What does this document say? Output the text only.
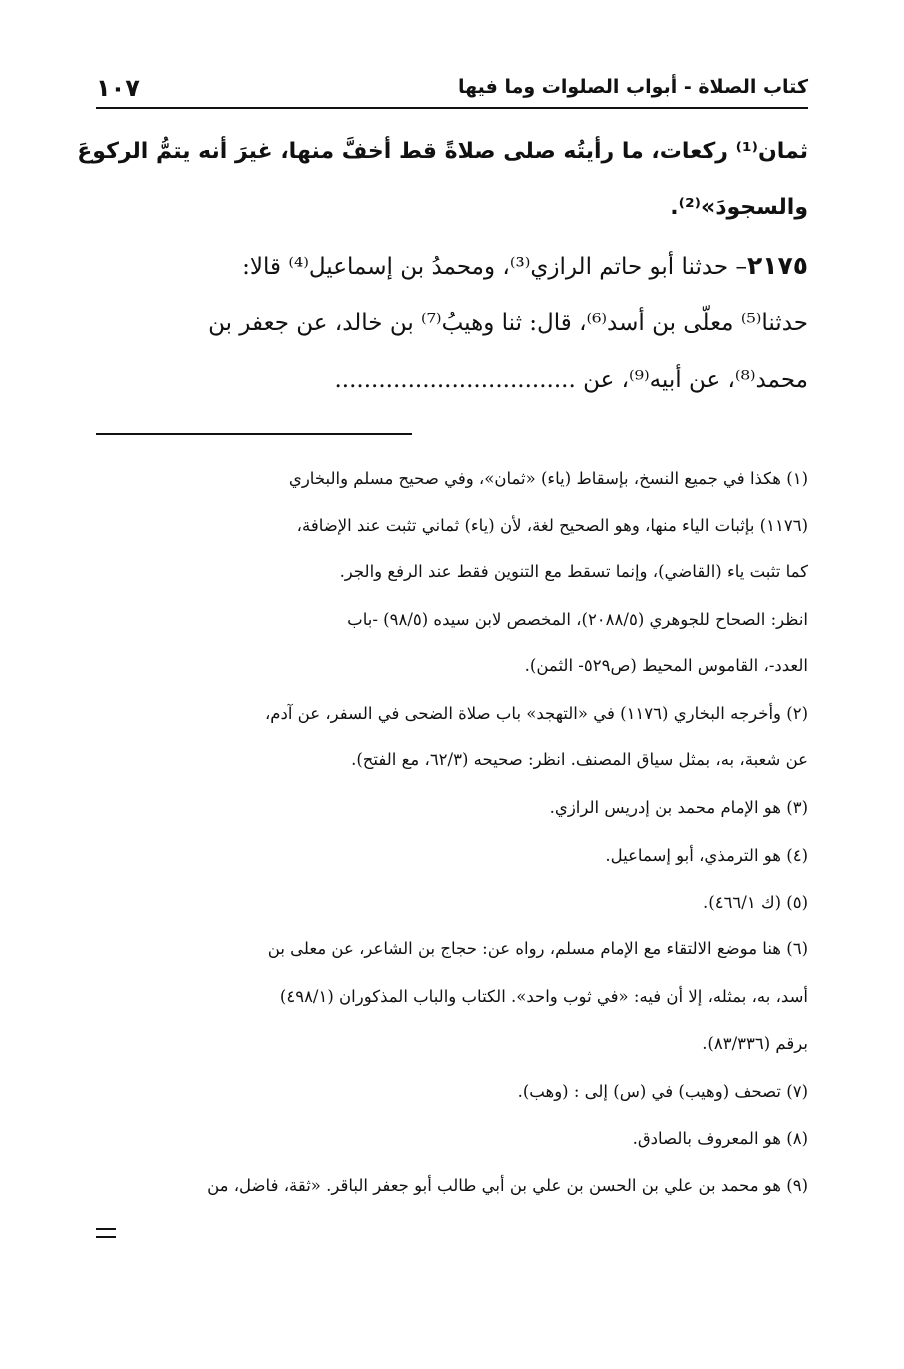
كتاب الصلاة - أبواب الصلوات وما فيها
١٠٧
ثمان⁽¹⁾ ركعات، ما رأيتُه صلى صلاةً قط أخفَّ منها، غيرَ أنه يتمُّ الركوعَ
والسجودَ»⁽²⁾.
٢١٧٥– حدثنا أبو حاتم الرازي⁽³⁾، ومحمدُ بن إسماعيل⁽⁴⁾ قالا:
حدثنا⁽⁵⁾ معلّى بن أسد⁽⁶⁾، قال: ثنا وهيبُ⁽⁷⁾ بن خالد، عن جعفر بن
محمد⁽⁸⁾، عن أبيه⁽⁹⁾، عن .................................
(١) هكذا في جميع النسخ، بإسقاط (ياء) «ثمان»، وفي صحيح مسلم والبخاري
(١١٧٦) بإثبات الياء منها، وهو الصحيح لغة، لأن (ياء) ثماني تثبت عند الإضافة،
كما تثبت ياء (القاضي)، وإنما تسقط مع التنوين فقط عند الرفع والجر.
انظر: الصحاح للجوهري (٢٠٨٨/٥)، المخصص لابن سيده (٩٨/٥) -باب
العدد-، القاموس المحيط (ص٥٢٩- الثمن).
(٢) وأخرجه البخاري (١١٧٦) في «التهجد» باب صلاة الضحى في السفر، عن آدم،
عن شعبة، به، بمثل سياق المصنف. انظر: صحيحه (٦٢/٣، مع الفتح).
(٣) هو الإمام محمد بن إدريس الرازي.
(٤) هو الترمذي، أبو إسماعيل.
(٥) (ك ٤٦٦/١).
(٦) هنا موضع الالتقاء مع الإمام مسلم، رواه عن: حجاج بن الشاعر، عن معلى بن
أسد، به، بمثله، إلا أن فيه: «في ثوب واحد». الكتاب والباب المذكوران (٤٩٨/١)
برقم (٨٣/٣٣٦).
(٧) تصحف (وهيب) في (س) إلى : (وهب).
(٨) هو المعروف بالصادق.
(٩) هو محمد بن علي بن الحسن بن علي بن أبي طالب أبو جعفر الباقر. «ثقة، فاضل، من
